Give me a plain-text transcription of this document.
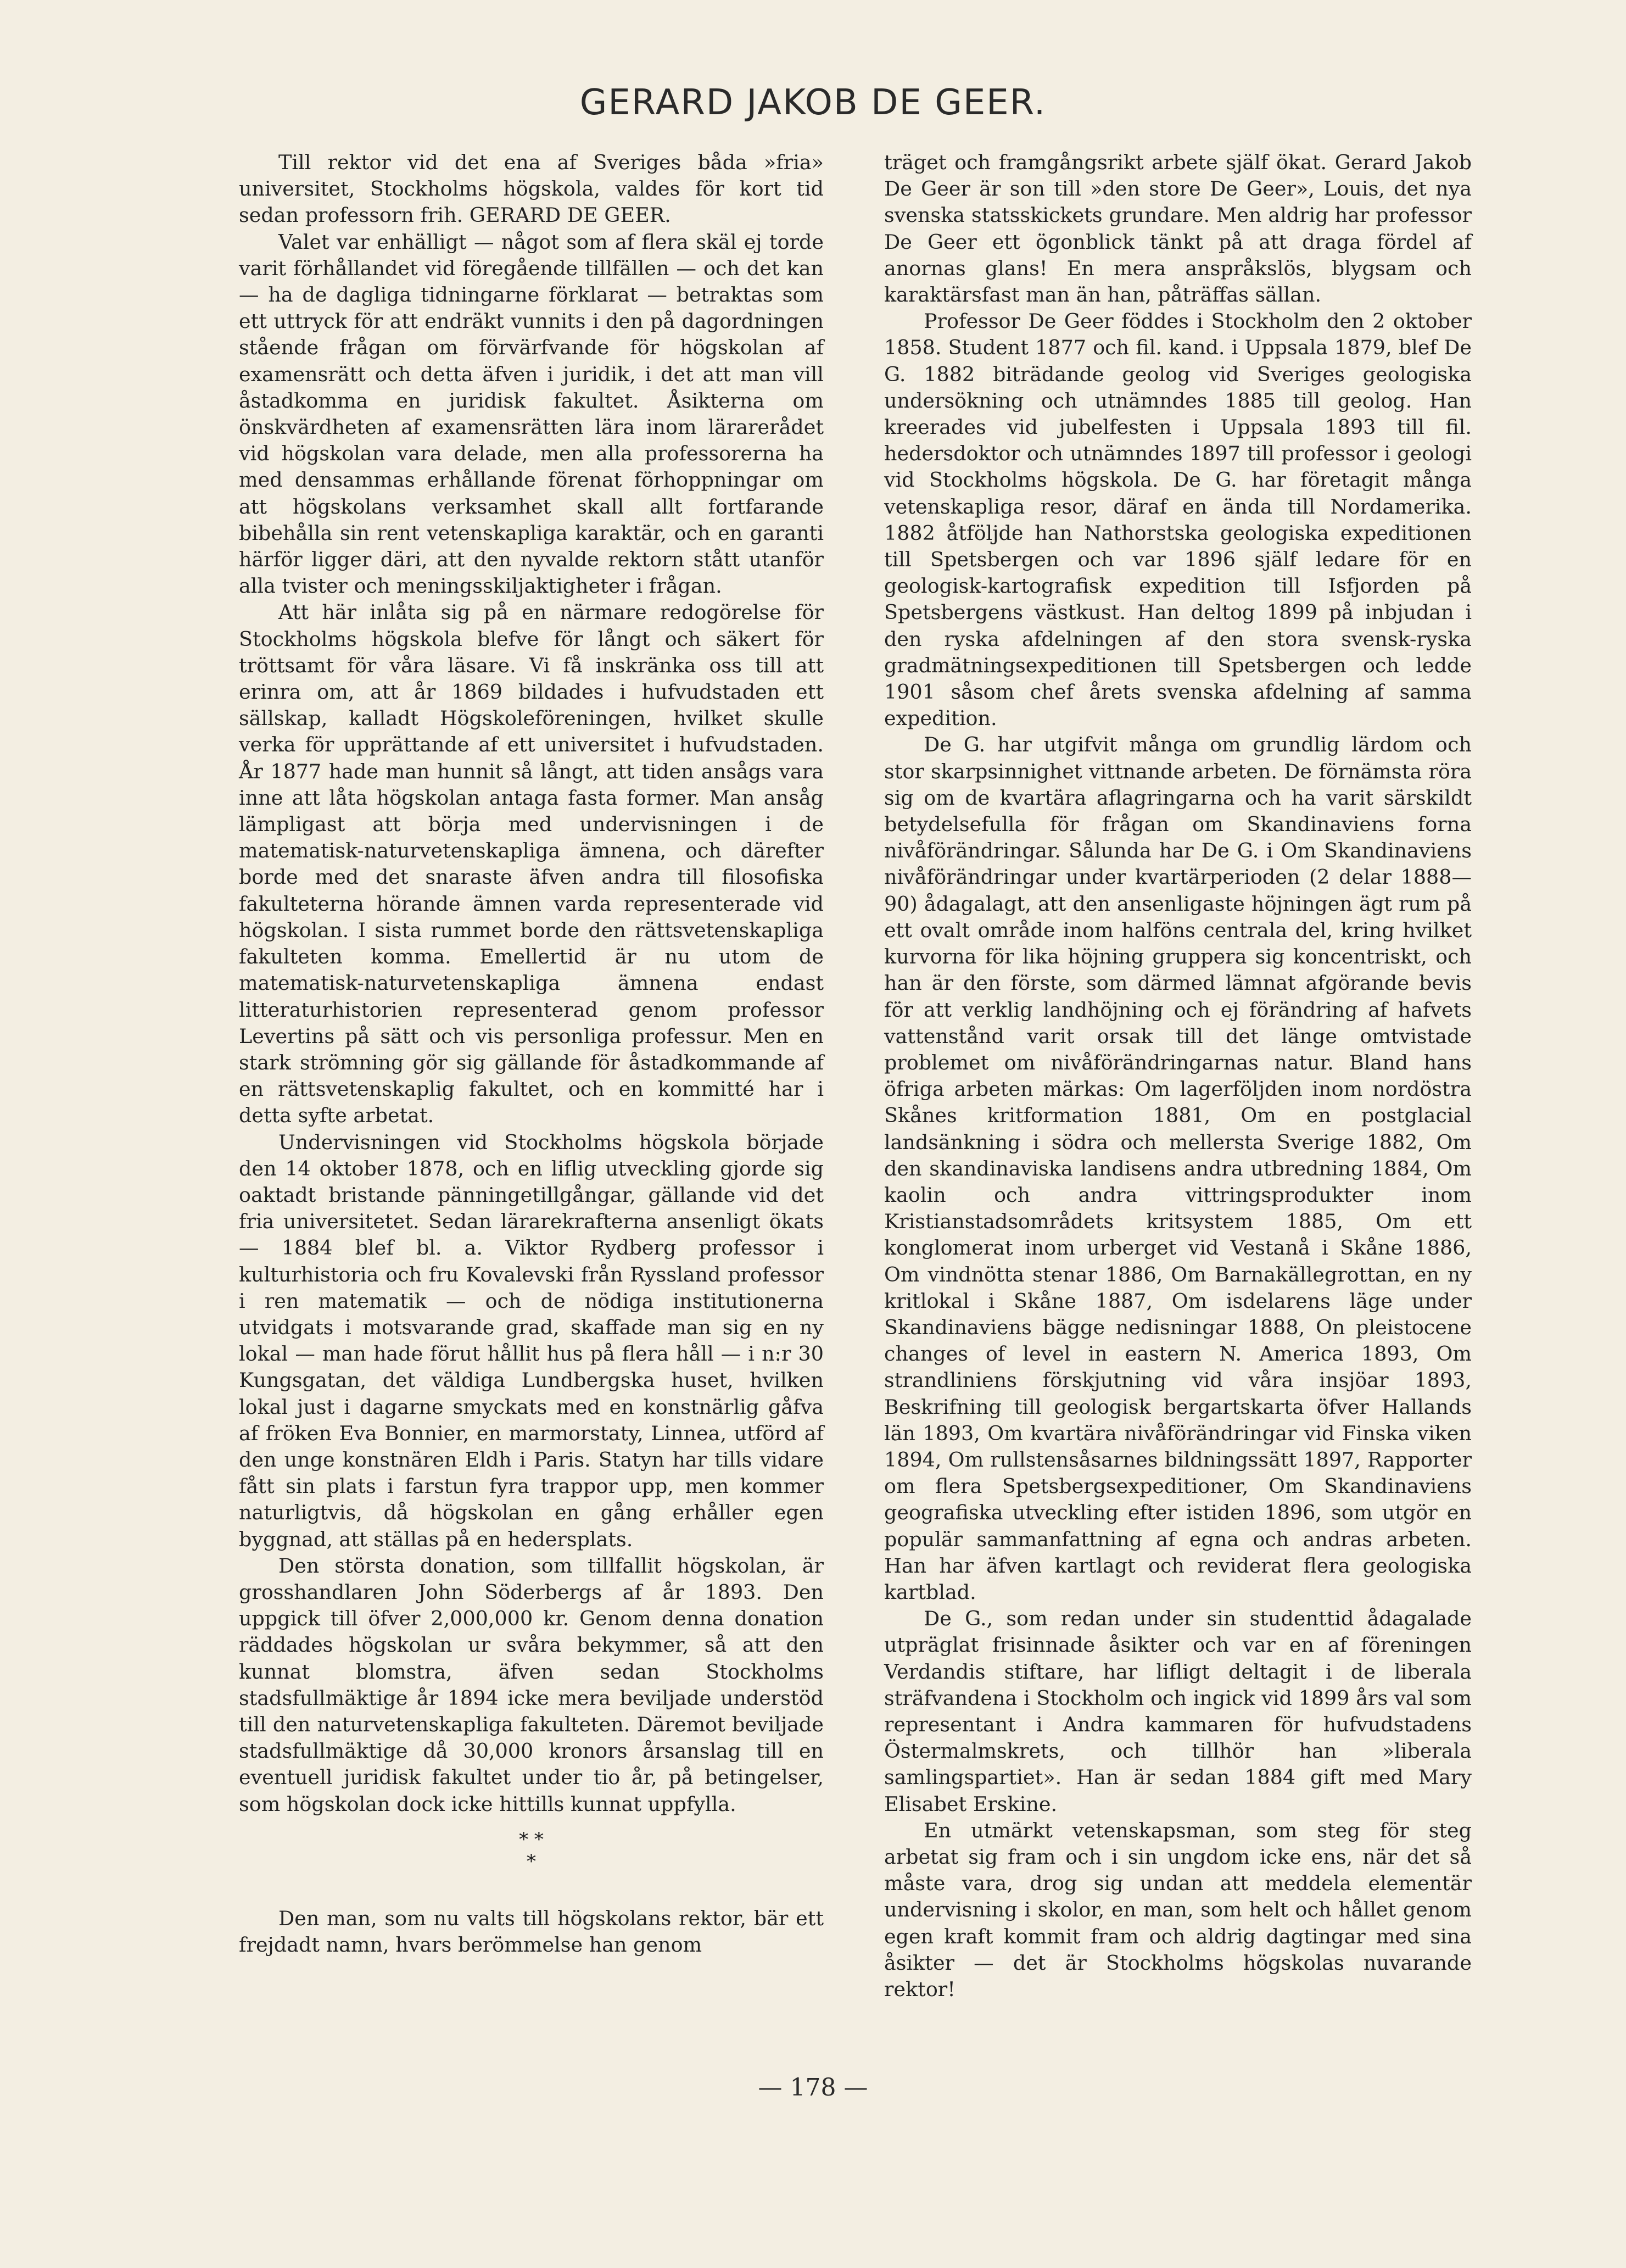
GERARD JAKOB DE GEER.

Till rektor vid det ena af Sveriges båda »fria» universitet, Stockholms högskola, valdes för kort tid sedan professorn frih. GERARD DE GEER.

Valet var enhälligt — något som af flera skäl ej torde varit förhållandet vid föregående tillfällen — och det kan — ha de dagliga tidningarne förklarat — betraktas som ett uttryck för att endräkt vunnits i den på dagordningen stående frågan om förvärfvande för högskolan af examensrätt och detta äfven i juridik, i det att man vill åstadkomma en juridisk fakultet. Åsikterna om önskvärdheten af examensrätten lära inom lärarerådet vid högskolan vara delade, men alla professorerna ha med densammas erhållande förenat förhoppningar om att högskolans verksamhet skall allt fortfarande bibehålla sin rent vetenskapliga karaktär, och en garanti härför ligger däri, att den nyvalde rektorn stått utanför alla tvister och meningsskiljaktigheter i frågan.

Att här inlåta sig på en närmare redogörelse för Stockholms högskola blefve för långt och säkert för tröttsamt för våra läsare. Vi få inskränka oss till att erinra om, att år 1869 bildades i hufvudstaden ett sällskap, kalladt Högskoleföreningen, hvilket skulle verka för upprättande af ett universitet i hufvudstaden. År 1877 hade man hunnit så långt, att tiden ansågs vara inne att låta högskolan antaga fasta former. Man ansåg lämpligast att börja med undervisningen i de matematisk-naturvetenskapliga ämnena, och därefter borde med det snaraste äfven andra till filosofiska fakulteterna hörande ämnen varda representerade vid högskolan. I sista rummet borde den rättsvetenskapliga fakulteten komma. Emellertid är nu utom de matematisk-naturvetenskapliga ämnena endast litteraturhistorien representerad genom professor Levertins på sätt och vis personliga professur. Men en stark strömning gör sig gällande för åstadkommande af en rättsvetenskaplig fakultet, och en kommitté har i detta syfte arbetat.

Undervisningen vid Stockholms högskola började den 14 oktober 1878, och en liflig utveckling gjorde sig oaktadt bristande pänningetillgångar, gällande vid det fria universitetet. Sedan lärarekrafterna ansenligt ökats — 1884 blef bl. a. Viktor Rydberg professor i kulturhistoria och fru Kovalevski från Ryssland professor i ren matematik — och de nödiga institutionerna utvidgats i motsvarande grad, skaffade man sig en ny lokal — man hade förut hållit hus på flera håll — i n:r 30 Kungsgatan, det väldiga Lundbergska huset, hvilken lokal just i dagarne smyckats med en konstnärlig gåfva af fröken Eva Bonnier, en marmorstaty, Linnea, utförd af den unge konstnären Eldh i Paris. Statyn har tills vidare fått sin plats i farstun fyra trappor upp, men kommer naturligtvis, då högskolan en gång erhåller egen byggnad, att ställas på en hedersplats.

Den största donation, som tillfallit högskolan, är grosshandlaren John Söderbergs af år 1893. Den uppgick till öfver 2,000,000 kr. Genom denna donation räddades högskolan ur svåra bekymmer, så att den kunnat blomstra, äfven sedan Stockholms stadsfullmäktige år 1894 icke mera beviljade understöd till den naturvetenskapliga fakulteten. Däremot beviljade stadsfullmäktige då 30,000 kronors årsanslag till en eventuell juridisk fakultet under tio år, på betingelser, som högskolan dock icke hittills kunnat uppfylla.

* *
*

Den man, som nu valts till högskolans rektor, bär ett frejdadt namn, hvars berömmelse han genom

träget och framgångsrikt arbete själf ökat. Gerard Jakob De Geer är son till »den store De Geer», Louis, det nya svenska statsskickets grundare. Men aldrig har professor De Geer ett ögonblick tänkt på att draga fördel af anornas glans! En mera anspråkslös, blygsam och karaktärsfast man än han, påträffas sällan.

Professor De Geer föddes i Stockholm den 2 oktober 1858. Student 1877 och fil. kand. i Uppsala 1879, blef De G. 1882 biträdande geolog vid Sveriges geologiska undersökning och utnämndes 1885 till geolog. Han kreerades vid jubelfesten i Uppsala 1893 till fil. hedersdoktor och utnämndes 1897 till professor i geologi vid Stockholms högskola. De G. har företagit många vetenskapliga resor, däraf en ända till Nordamerika. 1882 åtföljde han Nathorstska geologiska expeditionen till Spetsbergen och var 1896 själf ledare för en geologisk-kartografisk expedition till Isfjorden på Spetsbergens västkust. Han deltog 1899 på inbjudan i den ryska afdelningen af den stora svensk-ryska gradmätningsexpeditionen till Spetsbergen och ledde 1901 såsom chef årets svenska afdelning af samma expedition.

De G. har utgifvit många om grundlig lärdom och stor skarpsinnighet vittnande arbeten. De förnämsta röra sig om de kvartära aflagringarna och ha varit särskildt betydelsefulla för frågan om Skandinaviens forna nivåförändringar. Sålunda har De G. i Om Skandinaviens nivåförändringar under kvartärperioden (2 delar 1888—90) ådagalagt, att den ansenligaste höjningen ägt rum på ett ovalt område inom halföns centrala del, kring hvilket kurvorna för lika höjning gruppera sig koncentriskt, och han är den förste, som därmed lämnat afgörande bevis för att verklig landhöjning och ej förändring af hafvets vattenstånd varit orsak till det länge omtvistade problemet om nivåförändringarnas natur. Bland hans öfriga arbeten märkas: Om lagerföljden inom nordöstra Skånes kritformation 1881, Om en postglacial landsänkning i södra och mellersta Sverige 1882, Om den skandinaviska landisens andra utbredning 1884, Om kaolin och andra vittringsprodukter inom Kristianstadsområdets kritsystem 1885, Om ett konglomerat inom urberget vid Vestanå i Skåne 1886, Om vindnötta stenar 1886, Om Barnakällegrottan, en ny kritlokal i Skåne 1887, Om isdelarens läge under Skandinaviens bägge nedisningar 1888, On pleistocene changes of level in eastern N. America 1893, Om strandliniens förskjutning vid våra insjöar 1893, Beskrifning till geologisk bergartskarta öfver Hallands län 1893, Om kvartära nivåförändringar vid Finska viken 1894, Om rullstensåsarnes bildningssätt 1897, Rapporter om flera Spetsbergsexpeditioner, Om Skandinaviens geografiska utveckling efter istiden 1896, som utgör en populär sammanfattning af egna och andras arbeten. Han har äfven kartlagt och reviderat flera geologiska kartblad.

De G., som redan under sin studenttid ådagalade utpräglat frisinnade åsikter och var en af föreningen Verdandis stiftare, har lifligt deltagit i de liberala sträfvandena i Stockholm och ingick vid 1899 års val som representant i Andra kammaren för hufvudstadens Östermalmskrets, och tillhör han »liberala samlingspartiet». Han är sedan 1884 gift med Mary Elisabet Erskine.

En utmärkt vetenskapsman, som steg för steg arbetat sig fram och i sin ungdom icke ens, när det så måste vara, drog sig undan att meddela elementär undervisning i skolor, en man, som helt och hållet genom egen kraft kommit fram och aldrig dagtingar med sina åsikter — det är Stockholms högskolas nuvarande rektor!

— 178 —
